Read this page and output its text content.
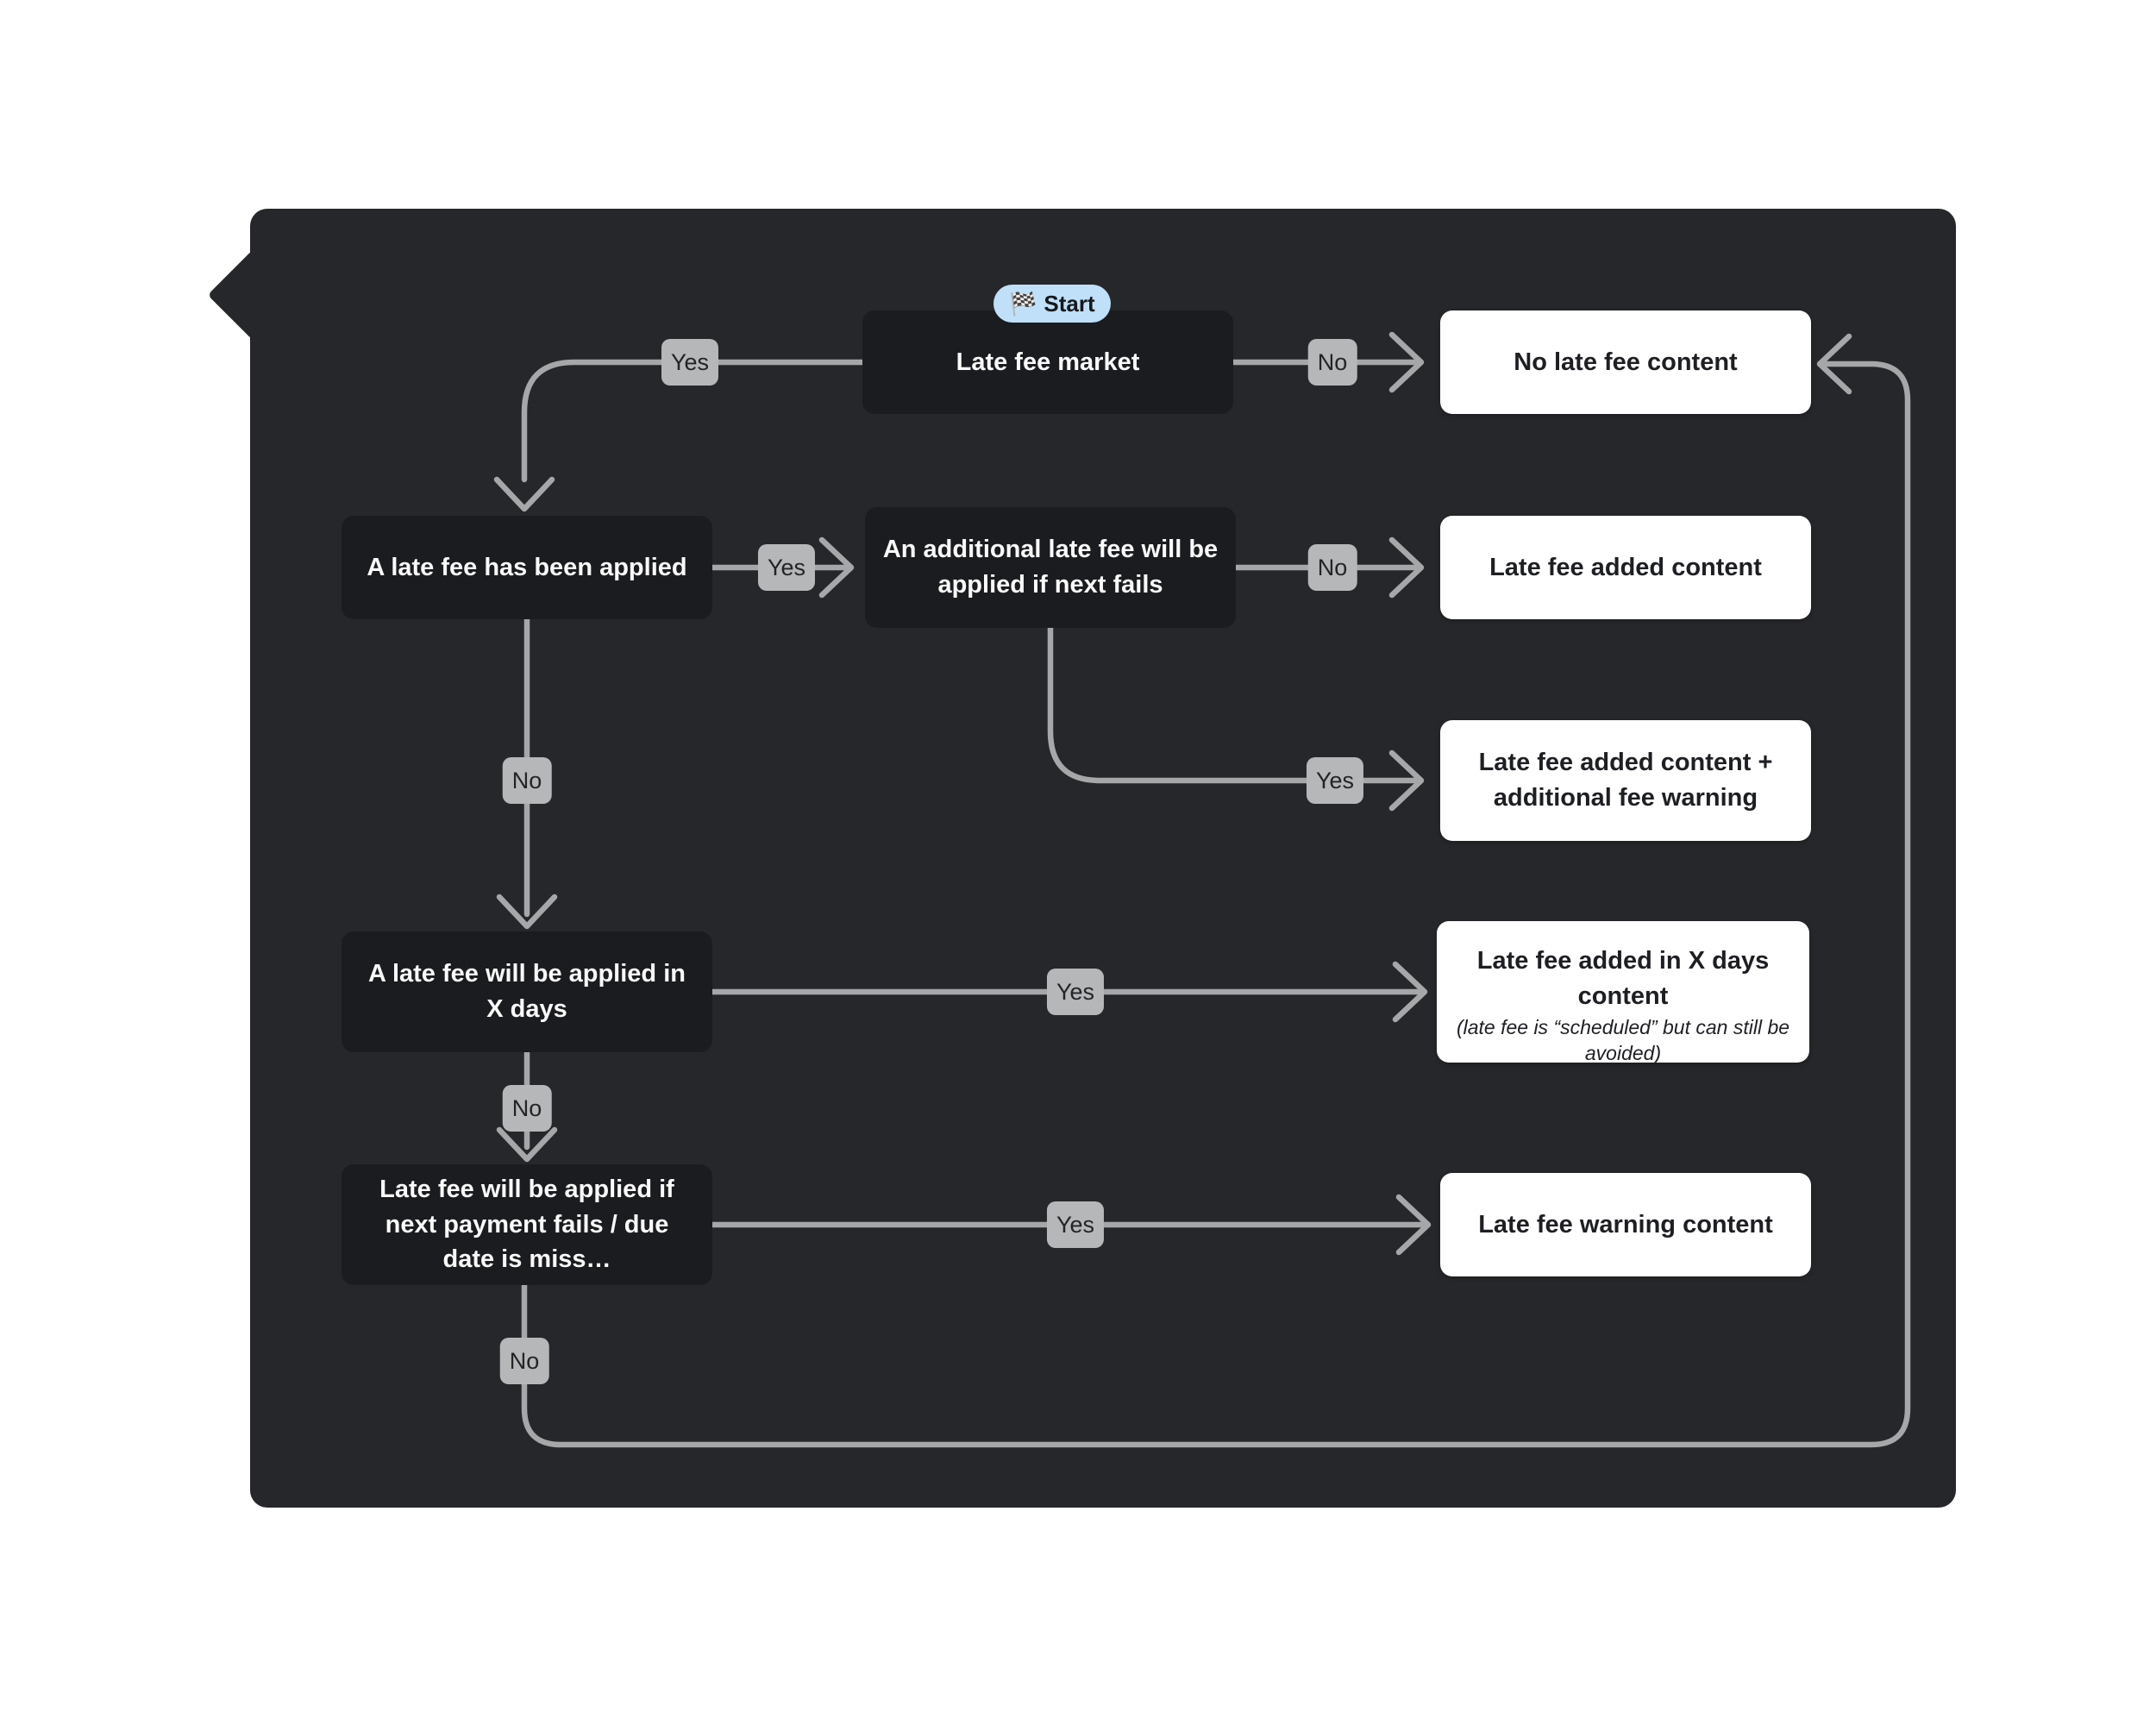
Late fee market	No late fee content
A late fee has been applied
An additional late fee will be applied if next fails
Late fee added content
Late fee added content + additional fee warning
A late fee will be applied in X days
Late fee added in X days content
(late fee is “scheduled” but can still be avoided)
Late fee will be applied if next payment fails / due date is miss…
Late fee warning content
Yes	No
Yes	No
Yes
No
Yes
No
Yes
No
🏁 Start
